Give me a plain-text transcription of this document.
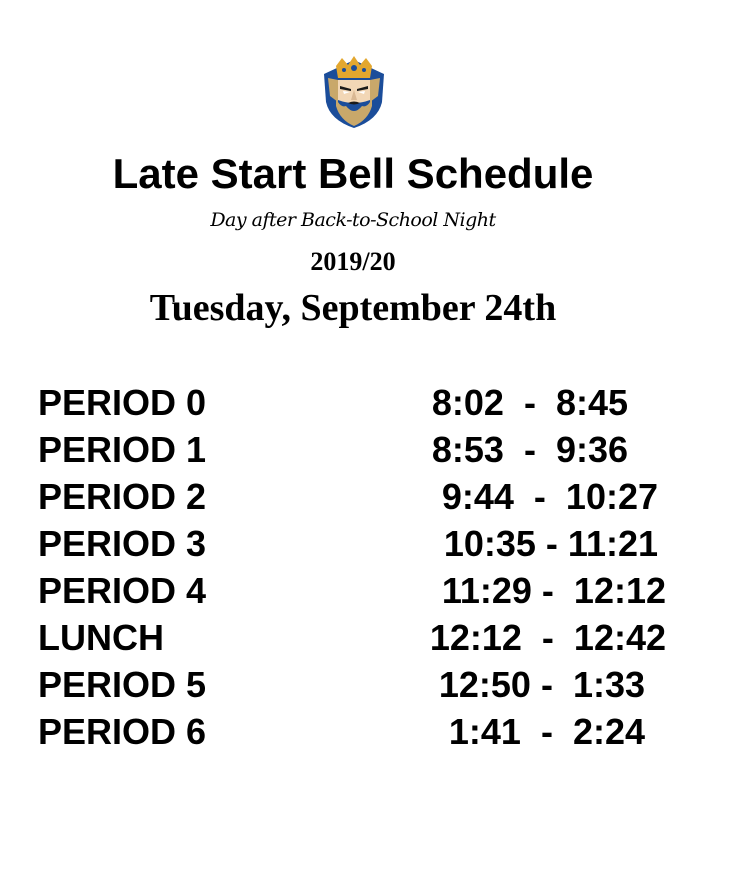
Late Start Bell Schedule
Day after Back-to-School Night
2019/20
Tuesday, September 24th
PERIOD 0	8:02  -  8:45
PERIOD 1	8:53  -  9:36
PERIOD 2	9:44  -  10:27
PERIOD 3	10:35 - 11:21
PERIOD 4	11:29 -  12:12
LUNCH	12:12  -  12:42
PERIOD 5	12:50 -  1:33
PERIOD 6	1:41  -  2:24
